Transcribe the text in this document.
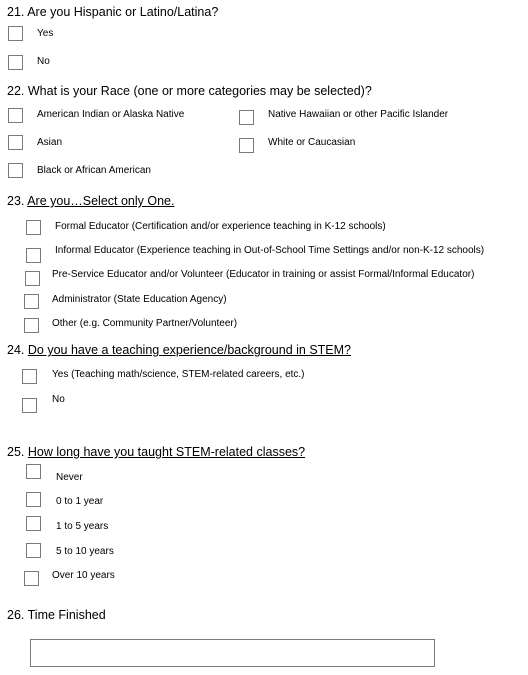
21. Are you Hispanic or Latino/Latina?
Yes
No
22. What is your Race (one or more categories may be selected)?
American Indian or Alaska Native
Asian
Black or African American
Native Hawaiian or other Pacific Islander
White or Caucasian
23. Are you…Select only One.
Formal Educator (Certification and/or experience teaching in K-12 schools)
Informal Educator (Experience teaching in Out-of-School Time Settings and/or non-K-12 schools)
Pre-Service Educator and/or Volunteer (Educator in training or assist Formal/Informal Educator)
Administrator (State Education Agency)
Other (e.g. Community Partner/Volunteer)
24. Do you have a teaching experience/background in STEM?
Yes (Teaching math/science, STEM-related careers, etc.)
No
25. How long have you taught STEM-related classes?
Never
0 to 1 year
1 to 5 years
5 to 10 years
Over 10 years
26. Time Finished
